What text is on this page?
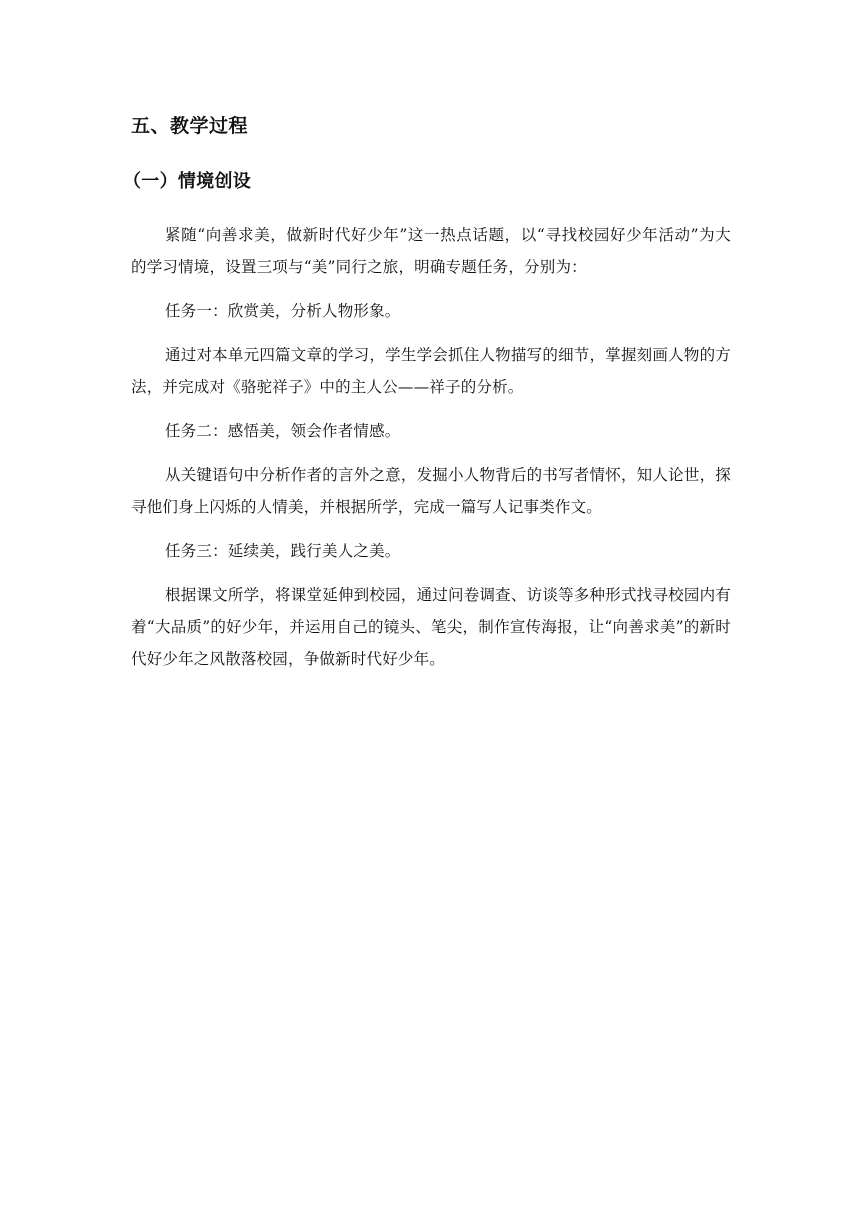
五、教学过程
（一）情境创设

紧随“向善求美，做新时代好少年”这一热点话题，以“寻找校园好少年活动”为大的学习情境，设置三项与“美”同行之旅，明确专题任务，分别为：

任务一：欣赏美，分析人物形象。

通过对本单元四篇文章的学习，学生学会抓住人物描写的细节，掌握刻画人物的方法，并完成对《骆驼祥子》中的主人公——祥子的分析。

任务二：感悟美，领会作者情感。

从关键语句中分析作者的言外之意，发掘小人物背后的书写者情怀，知人论世，探寻他们身上闪烁的人情美，并根据所学，完成一篇写人记事类作文。

任务三：延续美，践行美人之美。

根据课文所学，将课堂延伸到校园，通过问卷调查、访谈等多种形式找寻校园内有着“大品质”的好少年，并运用自己的镜头、笔尖，制作宣传海报，让“向善求美”的新时代好少年之风散落校园，争做新时代好少年。
